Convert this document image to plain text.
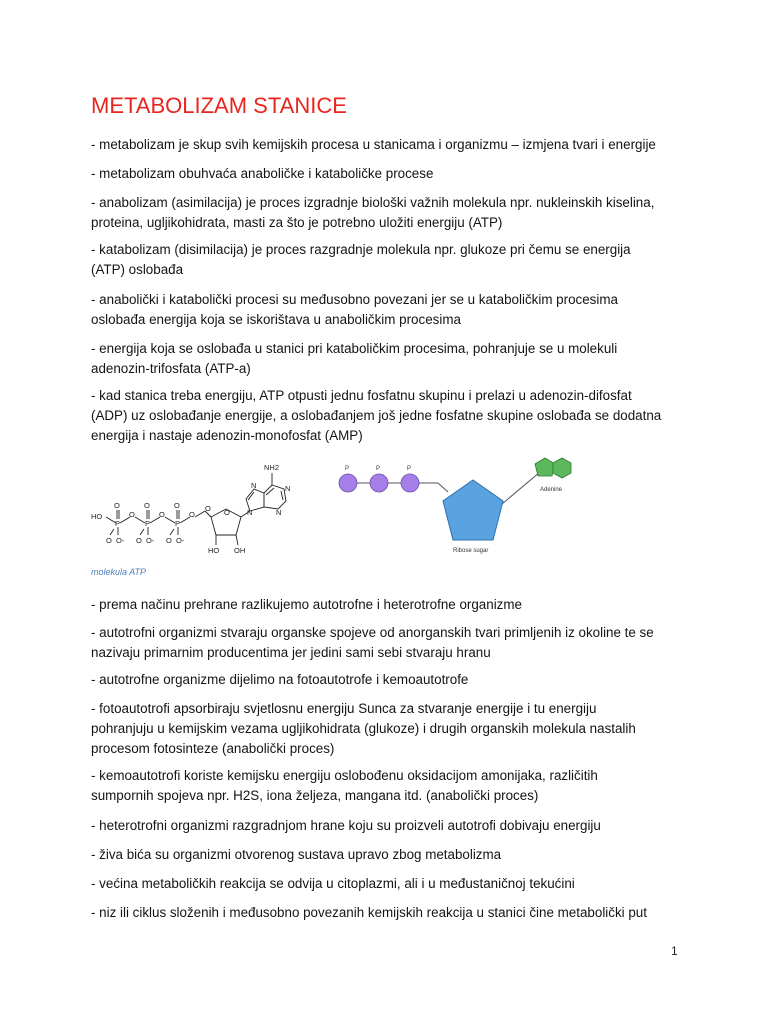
METABOLIZAM STANICE
- metabolizam je skup svih kemijskih procesa u stanicama i organizmu – izmjena tvari i energije
- metabolizam obuhvaća anaboličke i kataboličke procese
- anabolizam (asimilacija) je proces izgradnje biološki važnih molekula npr. nukleinskih kiselina,
proteina, ugljikohidrata, masti za što je potrebno uložiti energiju (ATP)
- katabolizam (disimilacija) je proces razgradnje molekula npr. glukoze pri čemu se energija
(ATP) oslobađa
- anabolički i katabolički procesi su međusobno povezani jer se u kataboličkim procesima
oslobađa energija koja se iskorištava u anaboličkim procesima
- energija koja se oslobađa u stanici pri kataboličkim procesima, pohranjuje se u molekuli
adenozin-trifosfata (ATP-a)
- kad stanica treba energiju, ATP otpusti jednu fosfatnu skupinu i prelazi u adenozin-difosfat
(ADP) uz oslobađanje energije, a oslobađanjem još jedne fosfatne skupine oslobađa se dodatna
energija i nastaje adenozin-monofosfat (AMP)
HO
P	P	P
O	O	O
O
O	O	O
O
O	O	O
O-	O-	O-
N
N	N
N
NH2
HO OH
P	P	P
Adenine
Ribose sugar
molekula ATP
- prema načinu prehrane razlikujemo autotrofne i heterotrofne organizme
- autotrofni organizmi stvaraju organske spojeve od anorganskih tvari primljenih iz okoline te se
nazivaju primarnim producentima jer jedini sami sebi stvaraju hranu
- autotrofne organizme dijelimo na fotoautotrofe i kemoautotrofe
- fotoautotrofi apsorbiraju svjetlosnu energiju Sunca za stvaranje energije i tu energiju
pohranjuju u kemijskim vezama ugljikohidrata (glukoze) i drugih organskih molekula nastalih
procesom fotosinteze (anabolički proces)
- kemoautotrofi koriste kemijsku energiju oslobođenu oksidacijom amonijaka, različitih
sumpornih spojeva npr. H2S, iona željeza, mangana itd. (anabolički proces)
- heterotrofni organizmi razgradnjom hrane koju su proizveli autotrofi dobivaju energiju
- živa bića su organizmi otvorenog sustava upravo zbog metabolizma
- većina metaboličkih reakcija se odvija u citoplazmi, ali i u međustaničnoj tekućini
- niz ili ciklus složenih i međusobno povezanih kemijskih reakcija u stanici čine metabolički put
1
